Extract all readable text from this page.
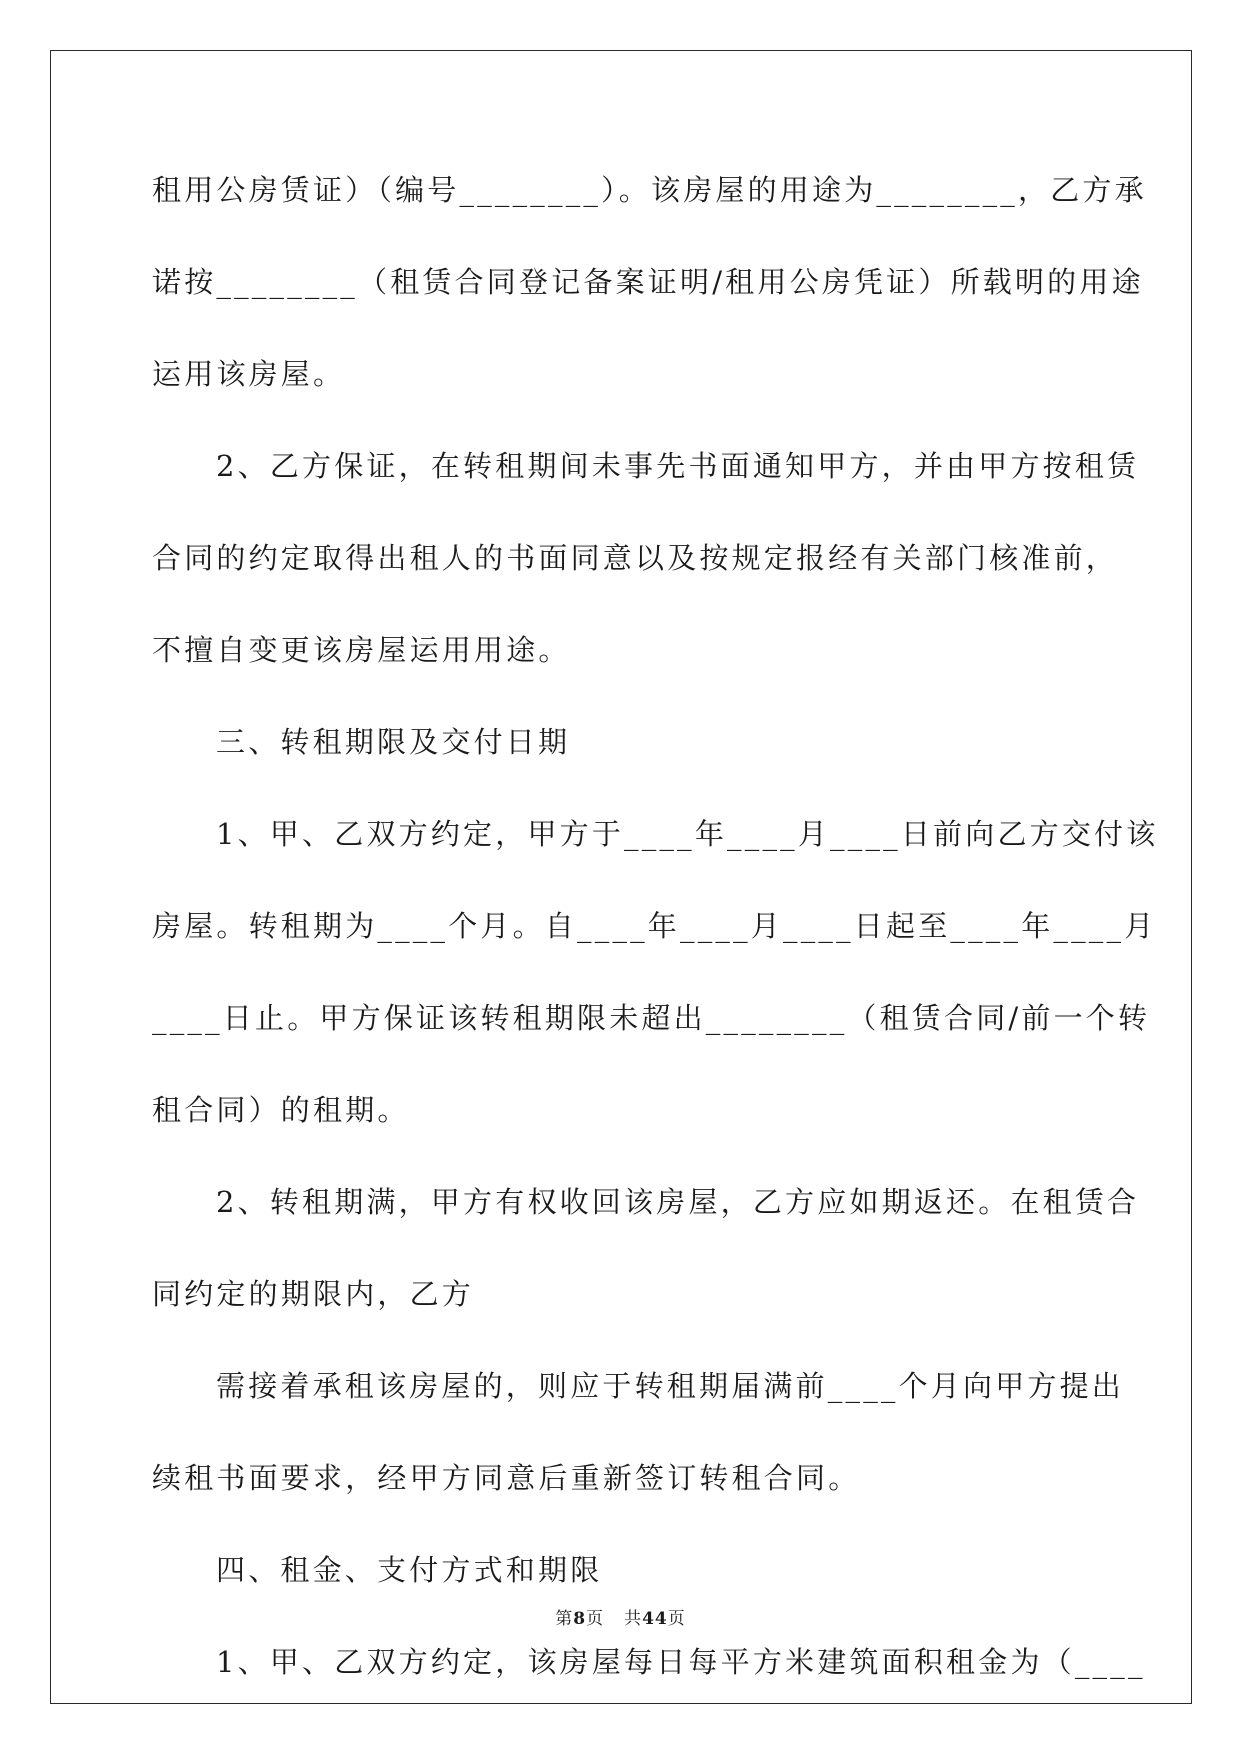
租用公房赁证）（编号________）。该房屋的用途为________，乙方承
诺按________（租赁合同登记备案证明/租用公房凭证）所载明的用途
运用该房屋。
2、乙方保证，在转租期间未事先书面通知甲方，并由甲方按租赁
合同的约定取得出租人的书面同意以及按规定报经有关部门核准前，
不擅自变更该房屋运用用途。
三、转租期限及交付日期
1、甲、乙双方约定，甲方于____年____月____日前向乙方交付该
房屋。转租期为____个月。自____年____月____日起至____年____月
____日止。甲方保证该转租期限未超出________（租赁合同/前一个转
租合同）的租期。
2、转租期满，甲方有权收回该房屋，乙方应如期返还。在租赁合
同约定的期限内，乙方
需接着承租该房屋的，则应于转租期届满前____个月向甲方提出
续租书面要求，经甲方同意后重新签订转租合同。
四、租金、支付方式和期限
1、甲、乙双方约定，该房屋每日每平方米建筑面积租金为（____
第8页 共44页
